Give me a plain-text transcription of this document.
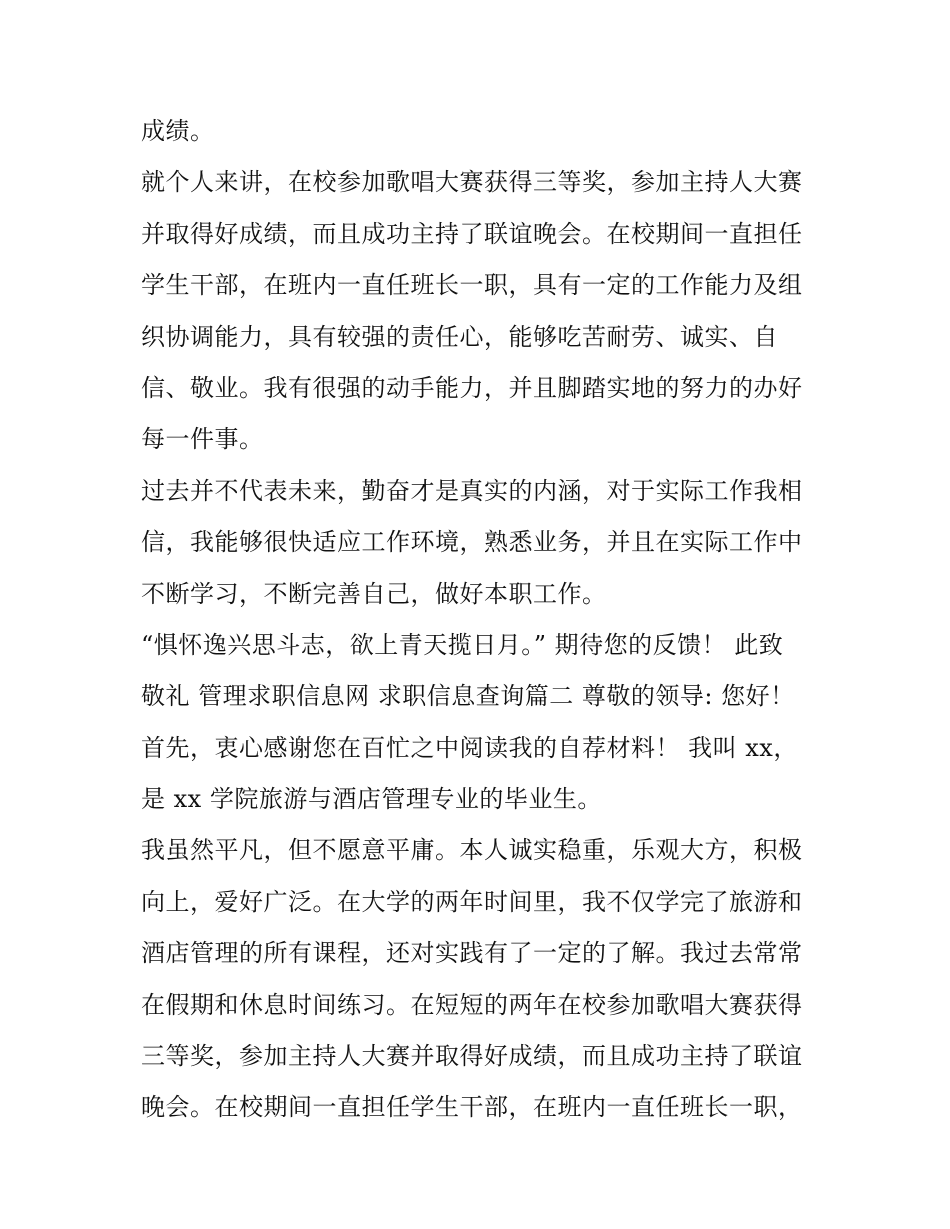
成绩。
就个人来讲，在校参加歌唱大赛获得三等奖，参加主持人大赛
并取得好成绩，而且成功主持了联谊晚会。在校期间一直担任
学生干部，在班内一直任班长一职，具有一定的工作能力及组
织协调能力，具有较强的责任心，能够吃苦耐劳、诚实、自
信、敬业。我有很强的动手能力，并且脚踏实地的努力的办好
每一件事。
过去并不代表未来，勤奋才是真实的内涵，对于实际工作我相
信，我能够很快适应工作环境，熟悉业务，并且在实际工作中
不断学习，不断完善自己，做好本职工作。
“惧怀逸兴思斗志，欲上青天揽日月。” 期待您的反馈！ 此致
敬礼 管理求职信息网 求职信息查询篇二 尊敬的领导: 您好！
首先，衷心感谢您在百忙之中阅读我的自荐材料！ 我叫 xx，
是 xx 学院旅游与酒店管理专业的毕业生。
我虽然平凡，但不愿意平庸。本人诚实稳重，乐观大方，积极
向上，爱好广泛。在大学的两年时间里，我不仅学完了旅游和
酒店管理的所有课程，还对实践有了一定的了解。我过去常常
在假期和休息时间练习。在短短的两年在校参加歌唱大赛获得
三等奖，参加主持人大赛并取得好成绩，而且成功主持了联谊
晚会。在校期间一直担任学生干部，在班内一直任班长一职，
